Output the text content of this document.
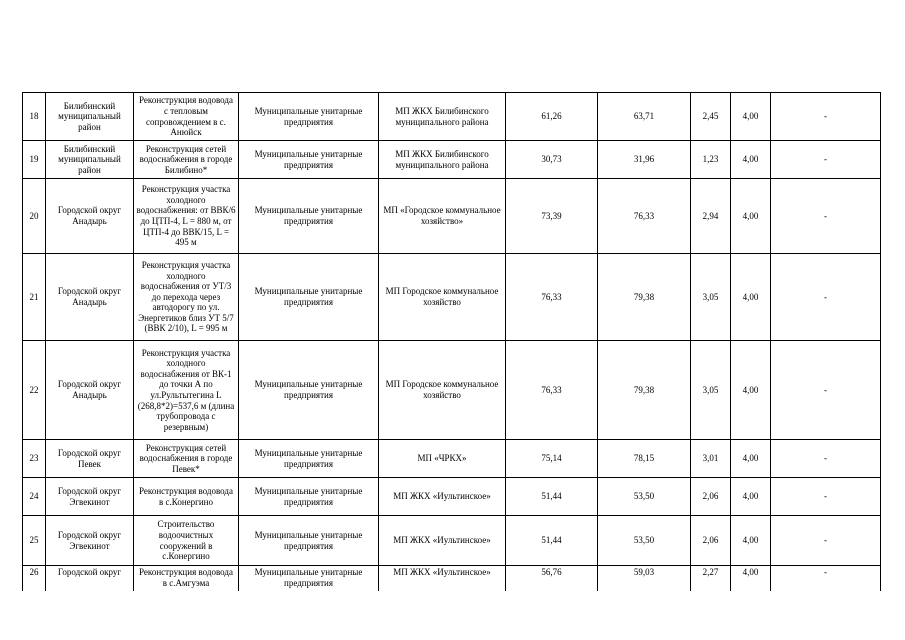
18	Билибинский муниципальный район	Реконструкция водовода с тепловым сопровождением в с. Анюйск	Муниципальные унитарные предприятия	МП ЖКХ Билибинского муниципального района	61,26	63,71	2,45	4,00	-
19	Билибинский муниципальный район	Реконструкция сетей водоснабжения в городе Билибино*	Муниципальные унитарные предприятия	МП ЖКХ Билибинского муниципального района	30,73	31,96	1,23	4,00	-
20	Городской округ Анадырь	Реконструкция участка холодного водоснабжения: от ВВК/6 до ЦТП-4, L = 880 м, от ЦТП-4 до ВВК/15, L = 495 м	Муниципальные унитарные предприятия	МП «Городское коммунальное хозяйство»	73,39	76,33	2,94	4,00	-
21	Городской округ Анадырь	Реконструкция участка холодного водоснабжения от УТ/3 до перехода через автодорогу по ул. Энергетиков близ УТ 5/7 (ВВК 2/10), L = 995 м	Муниципальные унитарные предприятия	МП Городское коммунальное хозяйство	76,33	79,38	3,05	4,00	-
22	Городской округ Анадырь	Реконструкция участка холодного водоснабжения от ВК-1 до точки А по ул.Рультытегина L (268,8*2)=537,6 м (длина трубопровода с резервным)	Муниципальные унитарные предприятия	МП Городское коммунальное хозяйство	76,33	79,38	3,05	4,00	-
23	Городской округ Певек	Реконструкция сетей водоснабжения в городе Певек*	Муниципальные унитарные предприятия	МП «ЧРКХ»	75,14	78,15	3,01	4,00	-
24	Городской округ Эгвекинот	Реконструкция водовода в с.Конергино	Муниципальные унитарные предприятия	МП ЖКХ «Иультинское»	51,44	53,50	2,06	4,00	-
25	Городской округ Эгвекинот	Строительство водоочистных сооружений в с.Конергино	Муниципальные унитарные предприятия	МП ЖКХ «Иультинское»	51,44	53,50	2,06	4,00	-
26	Городской округ	Реконструкция водовода в с.Амгуэма	Муниципальные унитарные предприятия	МП ЖКХ «Иультинское»	56,76	59,03	2,27	4,00	-
